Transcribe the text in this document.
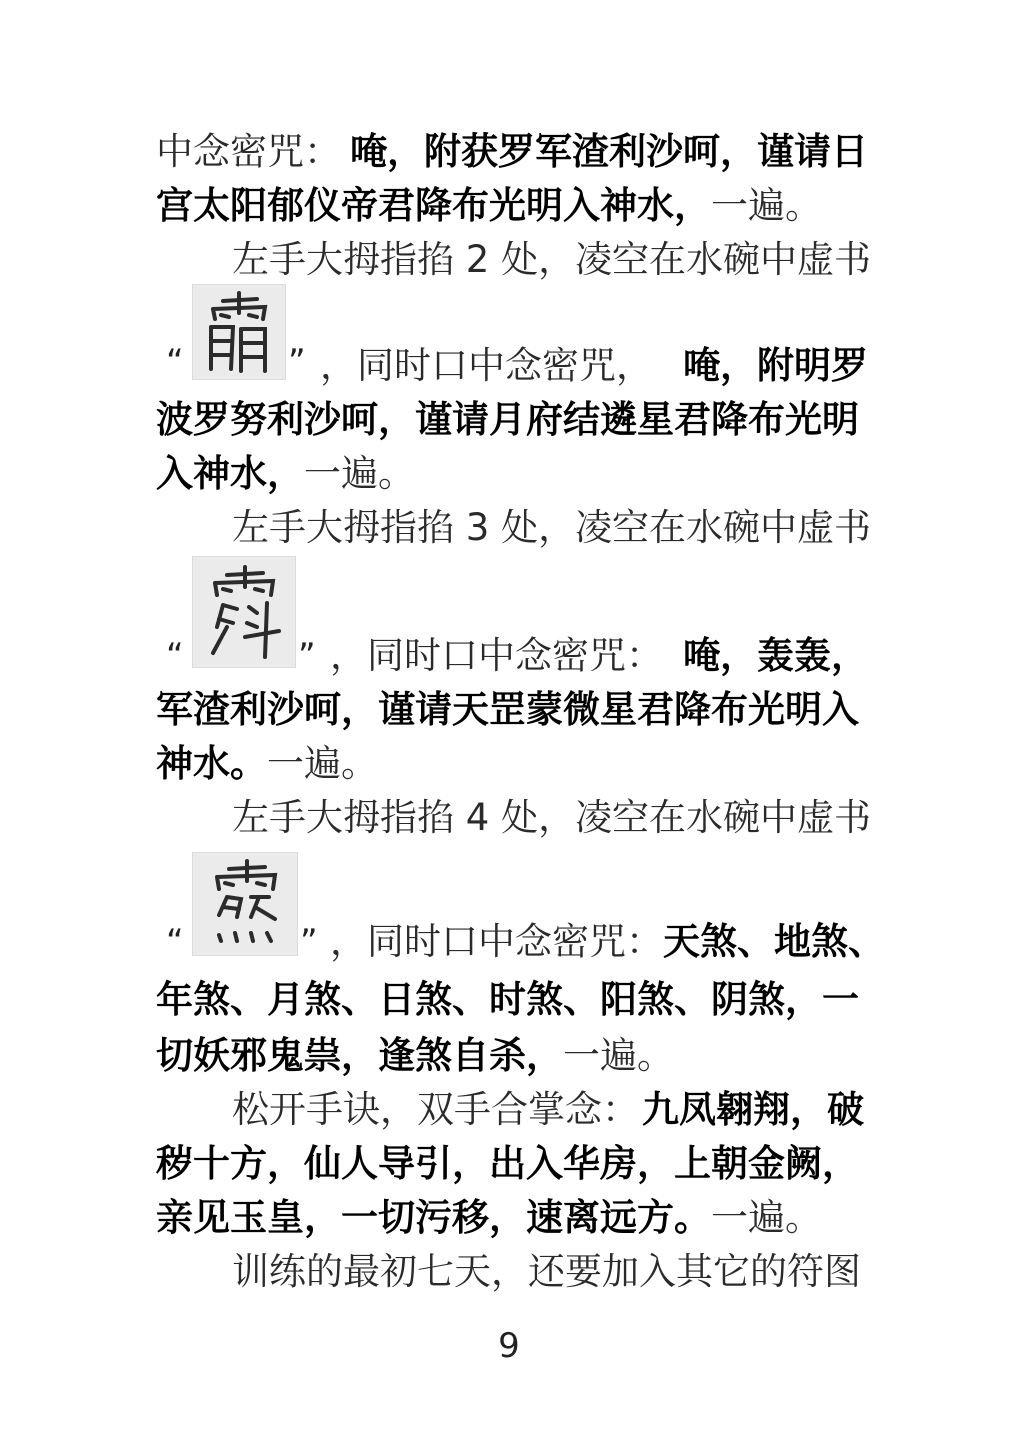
中念密咒： 唵，附获罗军渣利沙呵，谨请日
宫太阳郁仪帝君降布光明入神水， 一遍。
左手大拇指掐 2 处，凌空在水碗中虚书
“	” ，同时口中念密咒， 唵，附明罗
波罗努利沙呵，谨请月府结遴星君降布光明
入神水， 一遍。
左手大拇指掐 3 处，凌空在水碗中虚书
“	” ，同时口中念密咒： 唵，轰轰，
军渣利沙呵，谨请天罡蒙微星君降布光明入
神水。 一遍。
左手大拇指掐 4 处，凌空在水碗中虚书
“	” ，同时口中念密咒： 天煞、地煞、
年煞、月煞、日煞、时煞、阳煞、阴煞，一
切妖邪鬼祟，逢煞自杀， 一遍。
松开手诀，双手合掌念： 九凤翱翔，破
秽十方，仙人导引，出入华房，上朝金阙，
亲见玉皇，一切污移，速离远方。 一遍。
训练的最初七天，还要加入其它的符图
9
